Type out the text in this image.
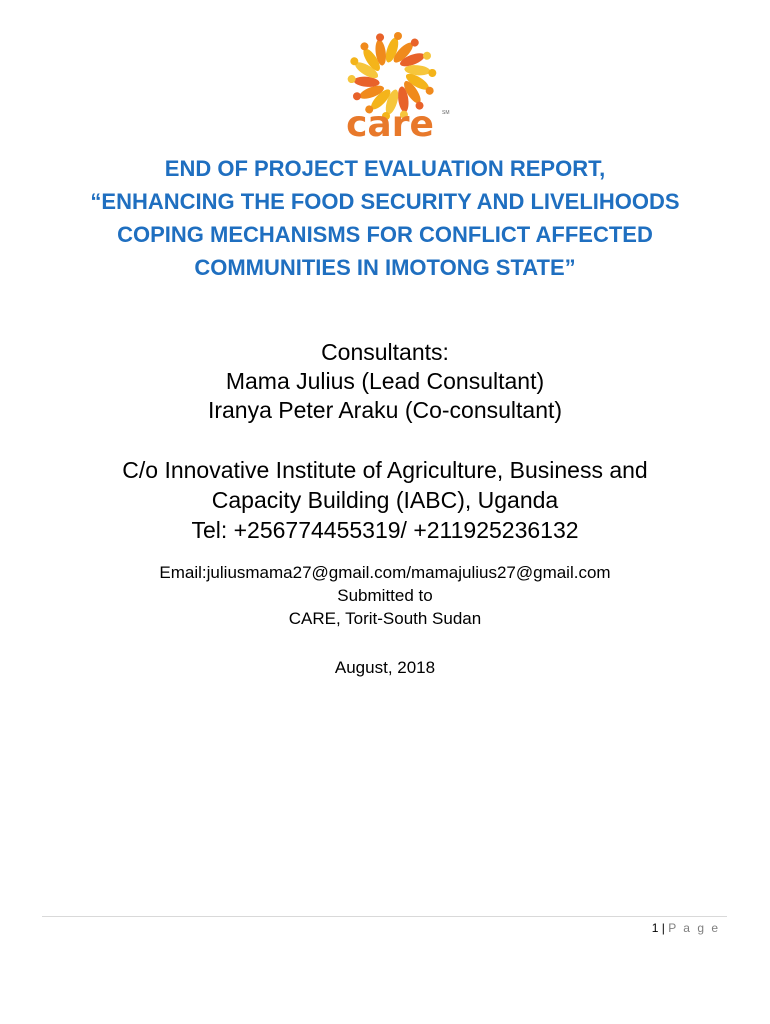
care SM
END OF PROJECT EVALUATION REPORT,
“ENHANCING THE FOOD SECURITY AND LIVELIHOODS
COPING MECHANISMS FOR CONFLICT AFFECTED
COMMUNITIES IN IMOTONG STATE”
Consultants:
Mama Julius (Lead Consultant)
Iranya Peter Araku (Co-consultant)
C/o Innovative Institute of Agriculture, Business and
Capacity Building (IABC), Uganda
Tel: +256774455319/ +211925236132
Email:juliusmama27@gmail.com/mamajulius27@gmail.com
Submitted to
CARE, Torit-South Sudan
August, 2018
1 | P a g e
